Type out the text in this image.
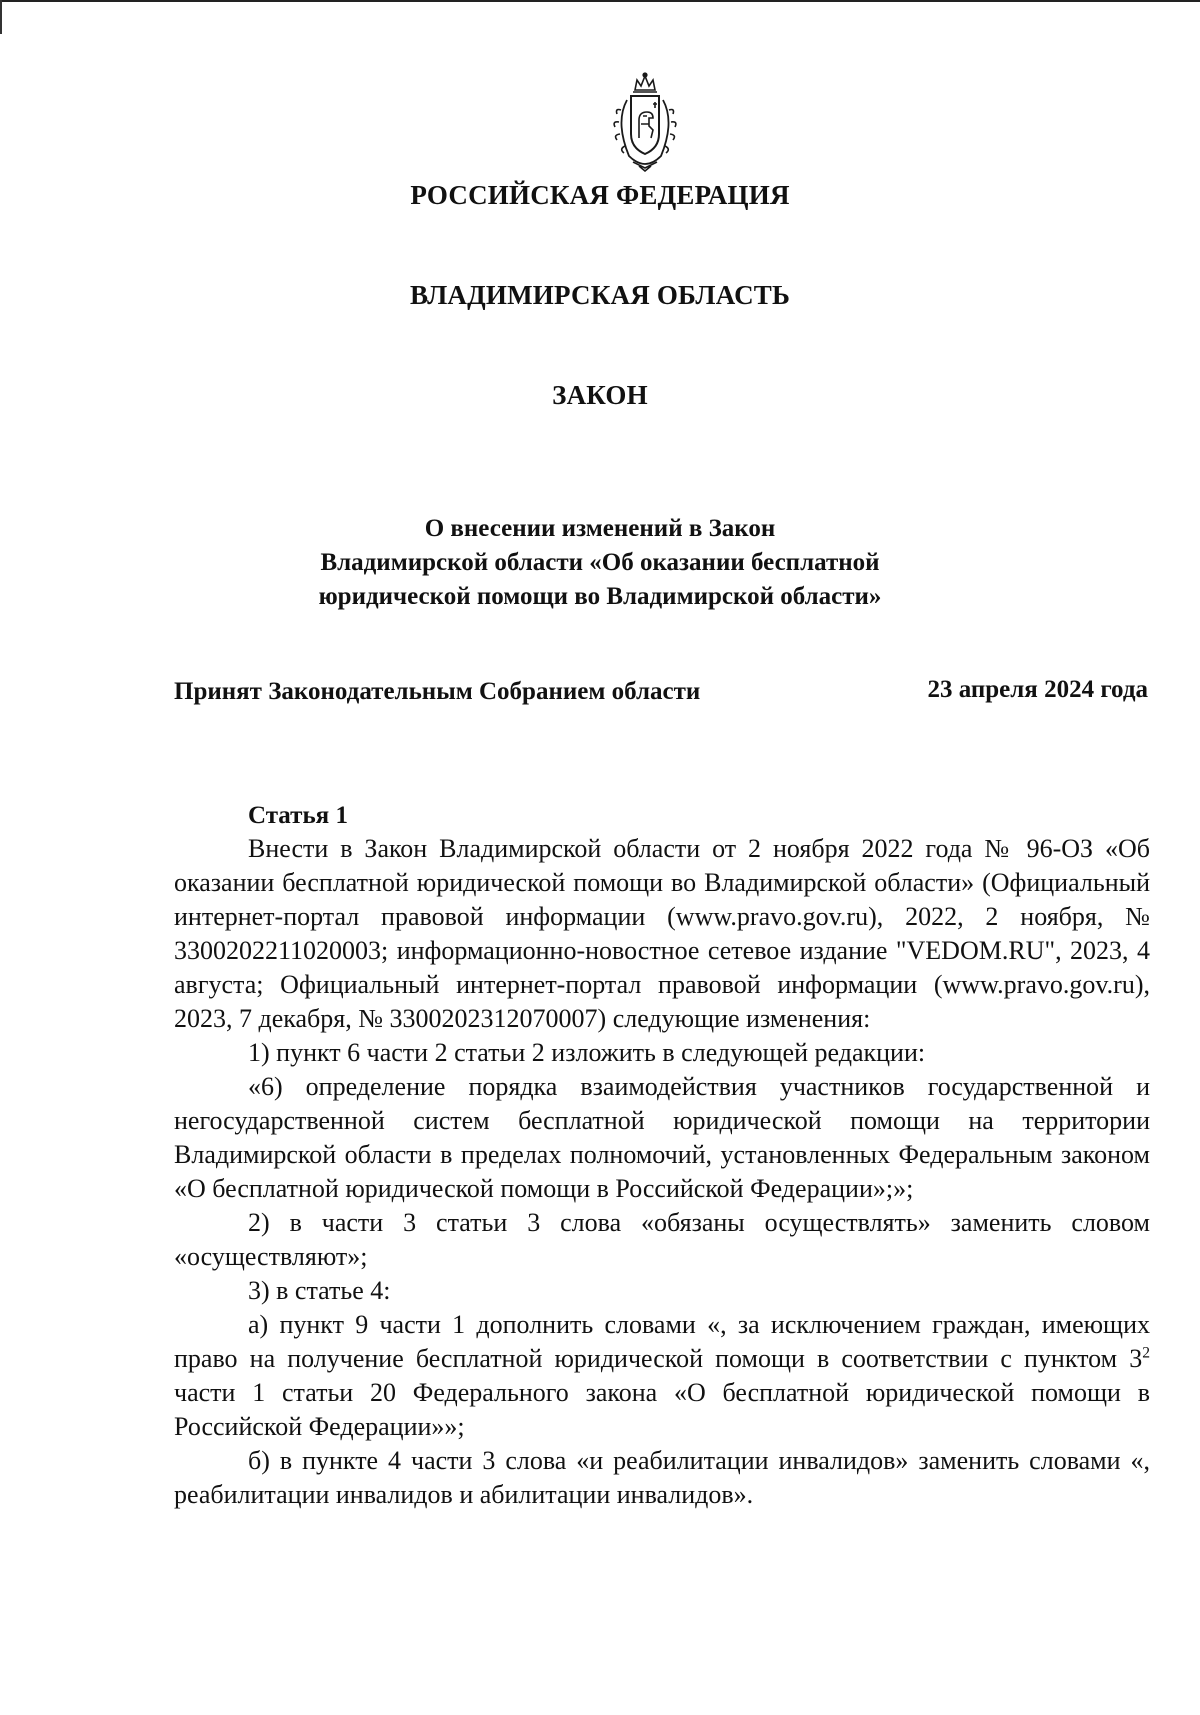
РОССИЙСКАЯ ФЕДЕРАЦИЯ
ВЛАДИМИРСКАЯ ОБЛАСТЬ
ЗАКОН
О внесении изменений в Закон
Владимирской области «Об оказании бесплатной
юридической помощи во Владимирской области»
Принят Законодательным Собранием области	23 апреля 2024 года
Статья 1

Внести в Закон Владимирской области от 2 ноября 2022 года № 96-ОЗ «Об оказании бесплатной юридической помощи во Владимирской области» (Официальный интернет-портал правовой информации (www.pravo.gov.ru), 2022, 2 ноября, № 3300202211020003; информационно-новостное сетевое издание "VEDOM.RU", 2023, 4 августа; Официальный интернет-портал правовой информации (www.pravo.gov.ru), 2023, 7 декабря, № 3300202312070007) следующие изменения:

1) пункт 6 части 2 статьи 2 изложить в следующей редакции:

«6) определение порядка взаимодействия участников государственной и негосударственной систем бесплатной юридической помощи на территории Владимирской области в пределах полномочий, установленных Федеральным законом «О бесплатной юридической помощи в Российской Федерации»;»;

2) в части 3 статьи 3 слова «обязаны осуществлять» заменить словом «осуществляют»;

3) в статье 4:

а) пункт 9 части 1 дополнить словами «, за исключением граждан, имеющих право на получение бесплатной юридической помощи в соответствии с пунктом $3^2$ части 1 статьи 20 Федерального закона «О бесплатной юридической помощи в Российской Федерации»»;

б) в пункте 4 части 3 слова «и реабилитации инвалидов» заменить словами «, реабилитации инвалидов и абилитации инвалидов».
